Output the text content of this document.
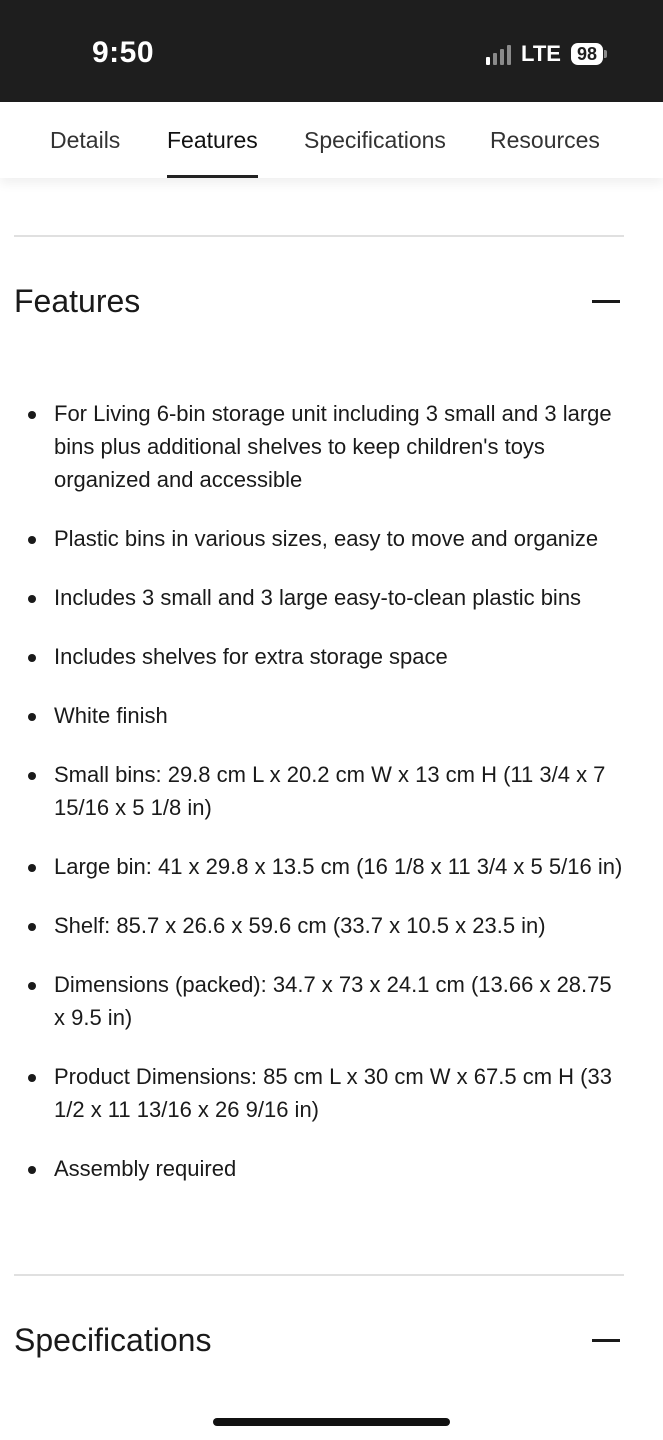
9:50	LTE 98
Details Features Specifications Resources
Features
For Living 6-bin storage unit including 3 small and 3 large bins plus additional shelves to keep children's toys organized and accessible
Plastic bins in various sizes, easy to move and organize
Includes 3 small and 3 large easy-to-clean plastic bins
Includes shelves for extra storage space
White finish
Small bins: 29.8 cm L x 20.2 cm W x 13 cm H (11 3/4 x 7 15/16 x 5 1/8 in)
Large bin: 41 x 29.8 x 13.5 cm (16 1/8 x 11 3/4 x 5 5/16 in)
Shelf: 85.7 x 26.6 x 59.6 cm (33.7 x 10.5 x 23.5 in)
Dimensions (packed): 34.7 x 73 x 24.1 cm (13.66 x 28.75 x 9.5 in)
Product Dimensions: 85 cm L x 30 cm W x 67.5 cm H (33 1/2 x 11 13/16 x 26 9/16 in)
Assembly required
Specifications
